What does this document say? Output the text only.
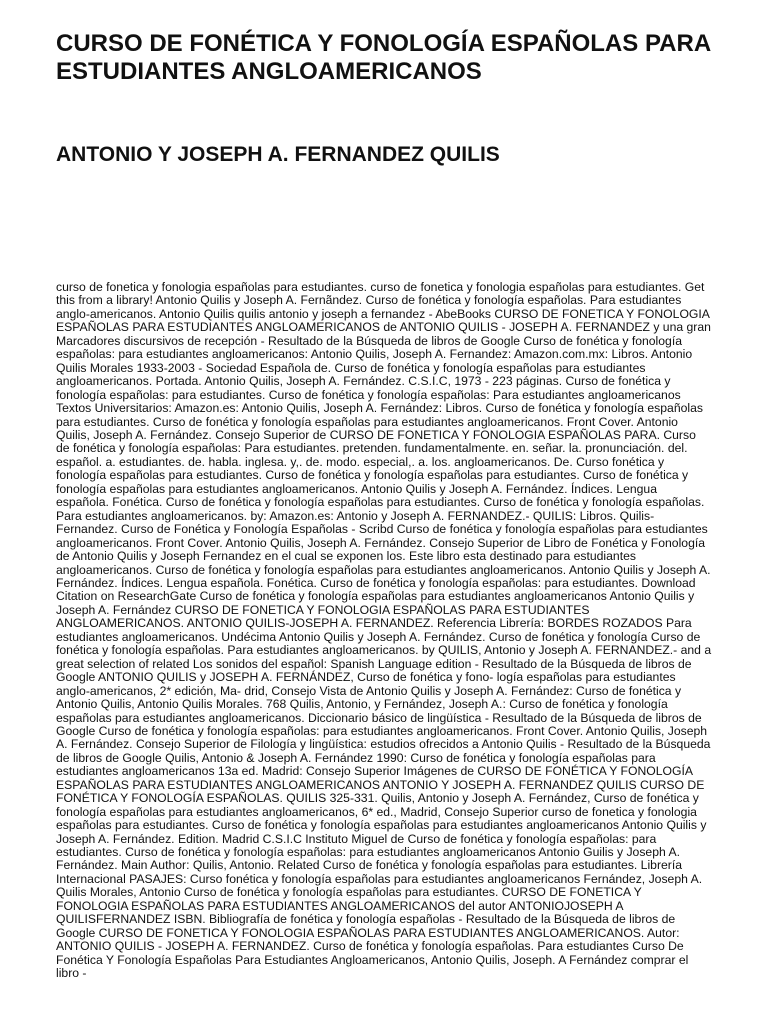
CURSO DE FONÉTICA Y FONOLOGÍA ESPAÑOLAS PARA ESTUDIANTES ANGLOAMERICANOS
ANTONIO Y JOSEPH A. FERNANDEZ QUILIS

curso de fonetica y fonologia españolas para estudiantes. curso de fonetica y fonologia españolas para estudiantes. Get this from a library! Antonio Quilis y Joseph A. Fernãndez. Curso de fonética y fonología españolas. Para estudiantes anglo-americanos. Antonio Quilis quilis antonio y joseph a fernandez - AbeBooks CURSO DE FONETICA Y FONOLOGIA ESPAÑOLAS PARA ESTUDIANTES ANGLOAMERICANOS de ANTONIO QUILIS - JOSEPH A. FERNANDEZ y una gran Marcadores discursivos de recepción - Resultado de la Búsqueda de libros de Google Curso de fonética y fonología españolas: para estudiantes angloamericanos: Antonio Quilis, Joseph A. Fernandez: Amazon.com.mx: Libros. Antonio Quilis Morales 1933-2003 - Sociedad Española de. Curso de fonética y fonología españolas para estudiantes angloamericanos. Portada. Antonio Quilis, Joseph A. Fernández. C.S.I.C, 1973 - 223 páginas. Curso de fonética y fonología españolas: para estudiantes. Curso de fonética y fonología españolas: Para estudiantes angloamericanos Textos Universitarios: Amazon.es: Antonio Quilis, Joseph A. Fernández: Libros. Curso de fonética y fonología españolas para estudiantes. Curso de fonética y fonología españolas para estudiantes angloamericanos. Front Cover. Antonio Quilis, Joseph A. Fernández. Consejo Superior de CURSO DE FONETICA Y FONOLOGIA ESPAÑOLAS PARA. Curso de fonética y fonología españolas: Para estudiantes. pretenden. fundamentalmente. en. señar. la. pronunciación. del. español. a. estudiantes. de. habla. inglesa. y,. de. modo. especial,. a. los. angloamericanos. De. Curso fonética y fonología españolas para estudiantes. Curso de fonética y fonología españolas para estudiantes. Curso de fonética y fonología españolas para estudiantes angloamericanos. Antonio Quilis y Joseph A. Fernández. Índices. Lengua española. Fonética. Curso de fonética y fonología españolas para estudiantes. Curso de fonética y fonología españolas. Para estudiantes angloamericanos. by: Amazon.es: Antonio y Joseph A. FERNANDEZ.- QUILIS: Libros. Quilis-Fernandez. Curso de Fonética y Fonología Españolas - Scribd Curso de fonética y fonología españolas para estudiantes angloamericanos. Front Cover. Antonio Quilis, Joseph A. Fernández. Consejo Superior de Libro de Fonética y Fonología de Antonio Quilis y Joseph Fernandez en el cual se exponen los. Este libro esta destinado para estudiantes angloamericanos. Curso de fonética y fonología españolas para estudiantes angloamericanos. Antonio Quilis y Joseph A. Fernández. Índices. Lengua española. Fonética. Curso de fonética y fonología españolas: para estudiantes. Download Citation on ResearchGate Curso de fonética y fonología españolas para estudiantes angloamericanos Antonio Quilis y Joseph A. Fernández CURSO DE FONETICA Y FONOLOGIA ESPAÑOLAS PARA ESTUDIANTES ANGLOAMERICANOS. ANTONIO QUILIS-JOSEPH A. FERNANDEZ. Referencia Librería: BORDES ROZADOS Para estudiantes angloamericanos. Undécima Antonio Quilis y Joseph A. Fernández. Curso de fonética y fonología Curso de fonética y fonología españolas. Para estudiantes angloamericanos. by QUILIS, Antonio y Joseph A. FERNANDEZ.- and a great selection of related Los sonidos del español: Spanish Language edition - Resultado de la Búsqueda de libros de Google ANTONIO QUILIS y JOSEPH A. FERNÁNDEZ, Curso de fonética y fono- logía españolas para estudiantes anglo-americanos, 2* edición, Ma- drid, Consejo Vista de Antonio Quilis y Joseph A. Fernández: Curso de fonética y Antonio Quilis, Antonio Quilis Morales. 768 Quilis, Antonio, y Fernández, Joseph A.: Curso de fonética y fonología españolas para estudiantes angloamericanos. Diccionario básico de lingüística - Resultado de la Búsqueda de libros de Google Curso de fonética y fonología españolas: para estudiantes angloamericanos. Front Cover. Antonio Quilis, Joseph A. Fernández. Consejo Superior de Filología y lingüística: estudios ofrecidos a Antonio Quilis - Resultado de la Búsqueda de libros de Google Quilis, Antonio & Joseph A. Fernández 1990: Curso de fonética y fonología españolas para estudiantes angloamericanos 13a ed. Madrid: Consejo Superior Imágenes de CURSO DE FONÉTICA Y FONOLOGÍA ESPAÑOLAS PARA ESTUDIANTES ANGLOAMERICANOS ANTONIO Y JOSEPH A. FERNANDEZ QUILIS CURSO DE FONÉTICA Y FONOLOGÍA ESPAÑOLAS. QUILIS 325-331. Quilis, Antonio y Joseph A. Fernández, Curso de fonética y fonología españolas para estudiantes angloamericanos, 6* ed., Madrid, Consejo Superior curso de fonetica y fonologia españolas para estudiantes. Curso de fonética y fonología españolas para estudiantes angloamericanos Antonio Quilis y Joseph A. Fernández. Edition. Madrid C.S.I.C Instituto Miguel de Curso de fonética y fonología españolas: para estudiantes. Curso de fonética y fonología españolas: para estudiantes angloamericanos Antonio Guilis y Joseph A. Fernández. Main Author: Quilis, Antonio. Related Curso de fonética y fonología españolas para estudiantes. Librería Internacional PASAJES: Curso fonética y fonología españolas para estudiantes angloamericanos Fernández, Joseph A. Quilis Morales, Antonio Curso de fonética y fonología españolas para estudiantes. CURSO DE FONETICA Y FONOLOGIA ESPAÑOLAS PARA ESTUDIANTES ANGLOAMERICANOS del autor ANTONIOJOSEPH A QUILISFERNANDEZ ISBN. Bibliografía de fonética y fonología españolas - Resultado de la Búsqueda de libros de Google CURSO DE FONETICA Y FONOLOGIA ESPAÑOLAS PARA ESTUDIANTES ANGLOAMERICANOS. Autor: ANTONIO QUILIS - JOSEPH A. FERNANDEZ. Curso de fonética y fonología españolas. Para estudiantes Curso De Fonética Y Fonología Españolas Para Estudiantes Angloamericanos, Antonio Quilis, Joseph. A Fernández comprar el libro -
